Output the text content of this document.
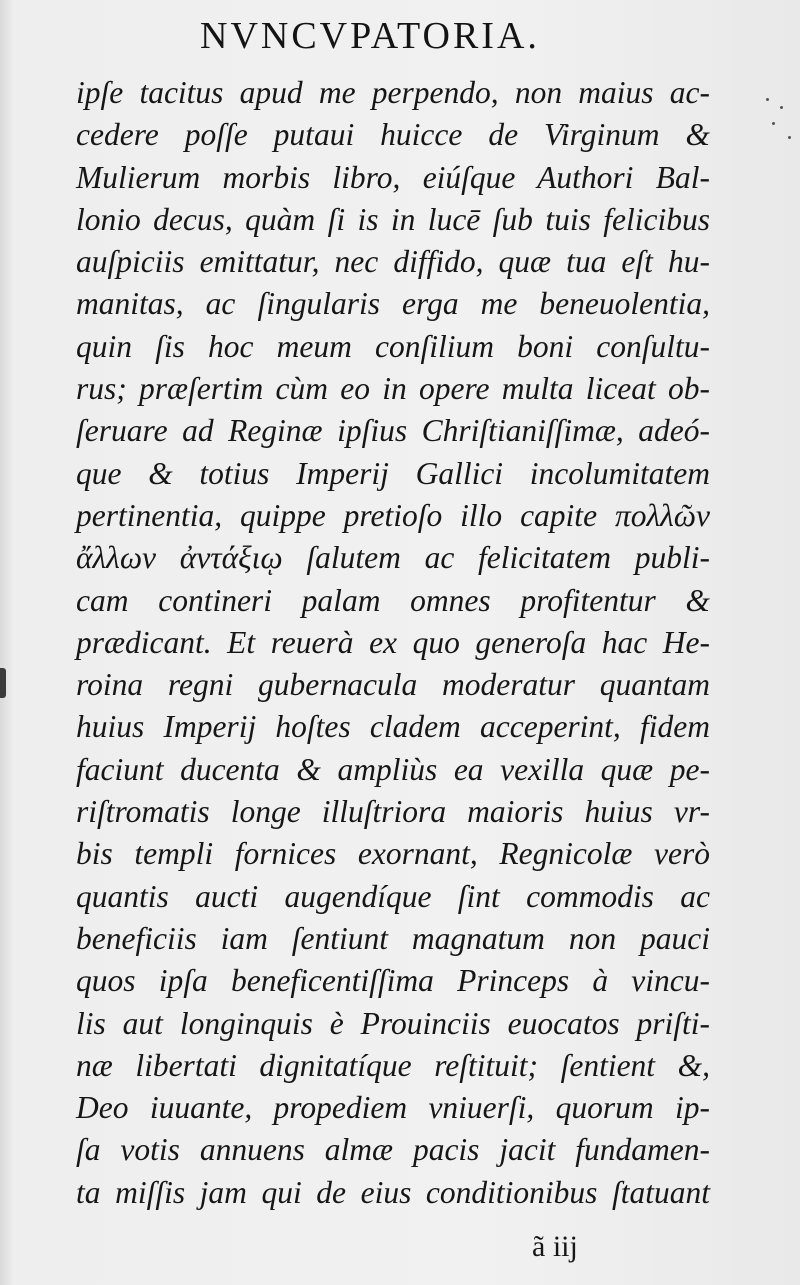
NVNCVPATORIA.
ipſe tacitus apud me perpendo, non maius ac-
cedere poſſe putaui huicce de Virginum &
Mulierum morbis libro, eiúſque Authori Bal-
lonio decus, quàm ſi is in lucē ſub tuis felicibus
auſpiciis emittatur, nec diffido, quæ tua eſt hu-
manitas, ac ſingularis erga me beneuolentia,
quin ſis hoc meum conſilium boni conſultu-
rus; præſertim cùm eo in opere multa liceat ob-
ſeruare ad Reginæ ipſius Chriſtianiſſimæ, adeó-
que & totius Imperij Gallici incolumitatem
pertinentia, quippe pretioſo illo capite πολλῶν
ἄλλων ἀντάξιῳ ſalutem ac felicitatem publi-
cam contineri palam omnes profitentur &
prædicant. Et reuerà ex quo generoſa hac He-
roina regni gubernacula moderatur quantam
huius Imperij hoſtes cladem acceperint, fidem
faciunt ducenta & ampliùs ea vexilla quæ pe-
riſtromatis longe illuſtriora maioris huius vr-
bis templi fornices exornant, Regnicolæ verò
quantis aucti augendíque ſint commodis ac
beneficiis iam ſentiunt magnatum non pauci
quos ipſa beneficentiſſima Princeps à vincu-
lis aut longinquis è Prouinciis euocatos priſti-
næ libertati dignitatíque reſtituit; ſentient &,
Deo iuuante, propediem vniuerſi, quorum ip-
ſa votis annuens almæ pacis jacit fundamen-
ta miſſis jam qui de eius conditionibus ſtatuant
ã iij
